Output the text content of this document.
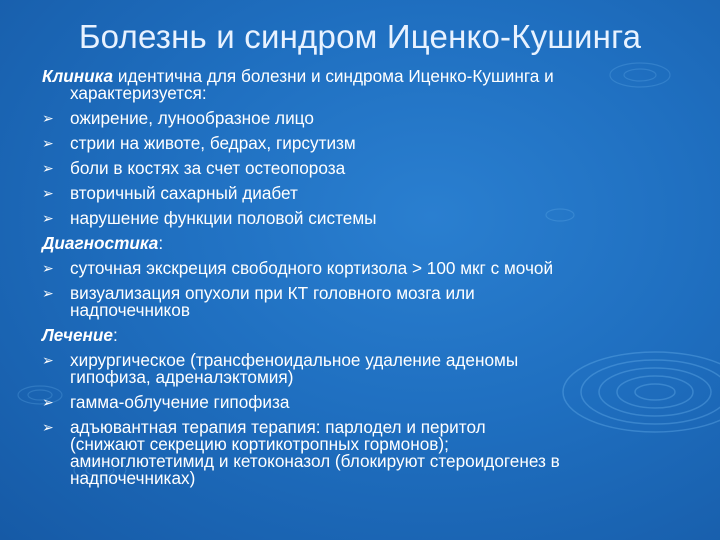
Болезнь и синдром Иценко-Кушинга
Клиника идентична для болезни и синдрома Иценко-Кушинга и
характеризуется:
➢ ожирение, лунообразное лицо
➢ стрии на животе, бедрах, гирсутизм
➢ боли в костях за счет остеопороза
➢ вторичный сахарный диабет
➢ нарушение функции половой системы
Диагностика:
➢ суточная экскреция свободного кортизола > 100 мкг с мочой
➢ визуализация опухоли при КТ головного мозга или
надпочечников
Лечение:
➢ хирургическое (трансфеноидальное удаление аденомы
гипофиза, адреналэктомия)
➢ гамма-облучение гипофиза
➢ адъювантная терапия терапия: парлодел и перитол
(снижают секрецию кортикотропных гормонов);
аминоглютетимид и кетоконазол (блокируют стероидогенез в
надпочечниках)
